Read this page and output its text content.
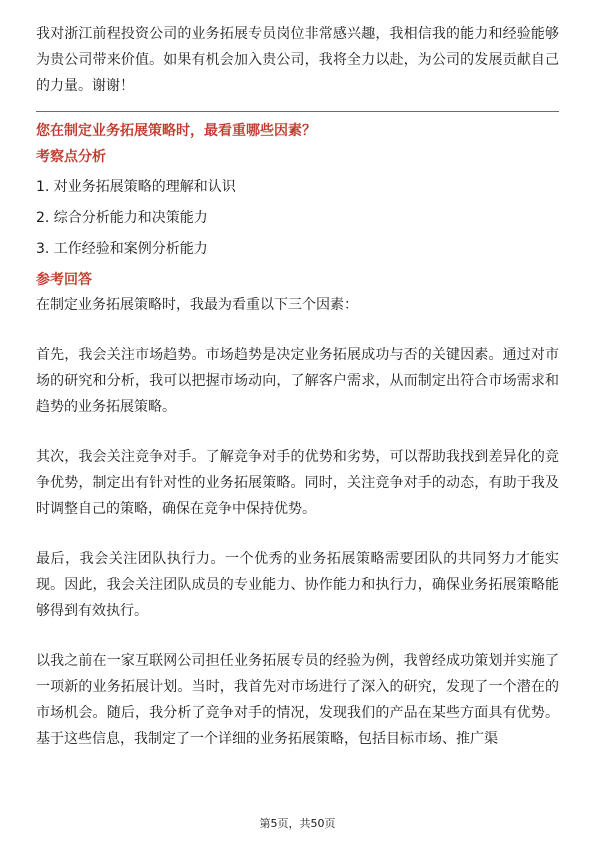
我对浙江前程投资公司的业务拓展专员岗位非常感兴趣，我相信我的能力和经验能够为贵公司带来价值。如果有机会加入贵公司，我将全力以赴，为公司的发展贡献自己的力量。谢谢！

您在制定业务拓展策略时，最看重哪些因素？

考察点分析

1. 对业务拓展策略的理解和认识

2. 综合分析能力和决策能力

3. 工作经验和案例分析能力

参考回答

在制定业务拓展策略时，我最为看重以下三个因素：

首先，我会关注市场趋势。市场趋势是决定业务拓展成功与否的关键因素。通过对市场的研究和分析，我可以把握市场动向，了解客户需求，从而制定出符合市场需求和趋势的业务拓展策略。

其次，我会关注竞争对手。了解竞争对手的优势和劣势，可以帮助我找到差异化的竞争优势，制定出有针对性的业务拓展策略。同时，关注竞争对手的动态，有助于我及时调整自己的策略，确保在竞争中保持优势。

最后，我会关注团队执行力。一个优秀的业务拓展策略需要团队的共同努力才能实现。因此，我会关注团队成员的专业能力、协作能力和执行力，确保业务拓展策略能够得到有效执行。

以我之前在一家互联网公司担任业务拓展专员的经验为例，我曾经成功策划并实施了一项新的业务拓展计划。当时，我首先对市场进行了深入的研究，发现了一个潜在的市场机会。随后，我分析了竞争对手的情况，发现我们的产品在某些方面具有优势。基于这些信息，我制定了一个详细的业务拓展策略，包括目标市场、推广渠

第5页，共50页
